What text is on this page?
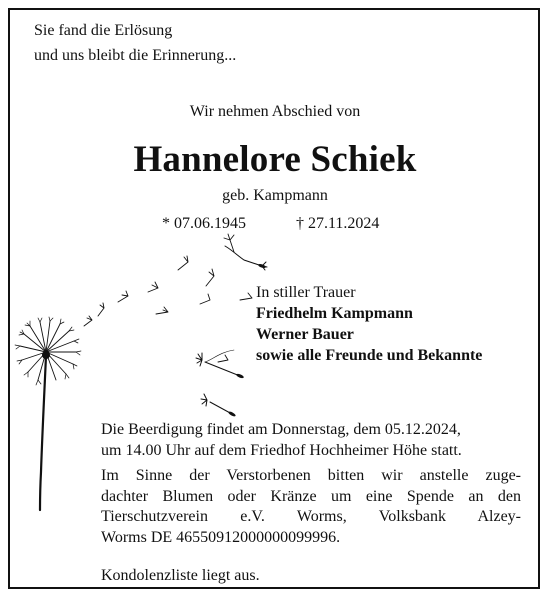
Sie fand die Erlösung
und uns bleibt die Erinnerung...
Wir nehmen Abschied von
Hannelore Schiek
geb. Kampmann
* 07.06.1945	† 27.11.2024
In stiller Trauer
Friedhelm Kampmann
Werner Bauer
sowie alle Freunde und Bekannte
Die Beerdigung findet am Donnerstag, dem 05.12.2024,
um 14.00 Uhr auf dem Friedhof Hochheimer Höhe statt.
Im Sinne der Verstorbenen bitten wir anstelle zuge-
dachter Blumen oder Kränze um eine Spende an den
Tierschutzverein e.V. Worms, Volksbank Alzey-
Worms DE 46550912000000099996.
Kondolenzliste liegt aus.
